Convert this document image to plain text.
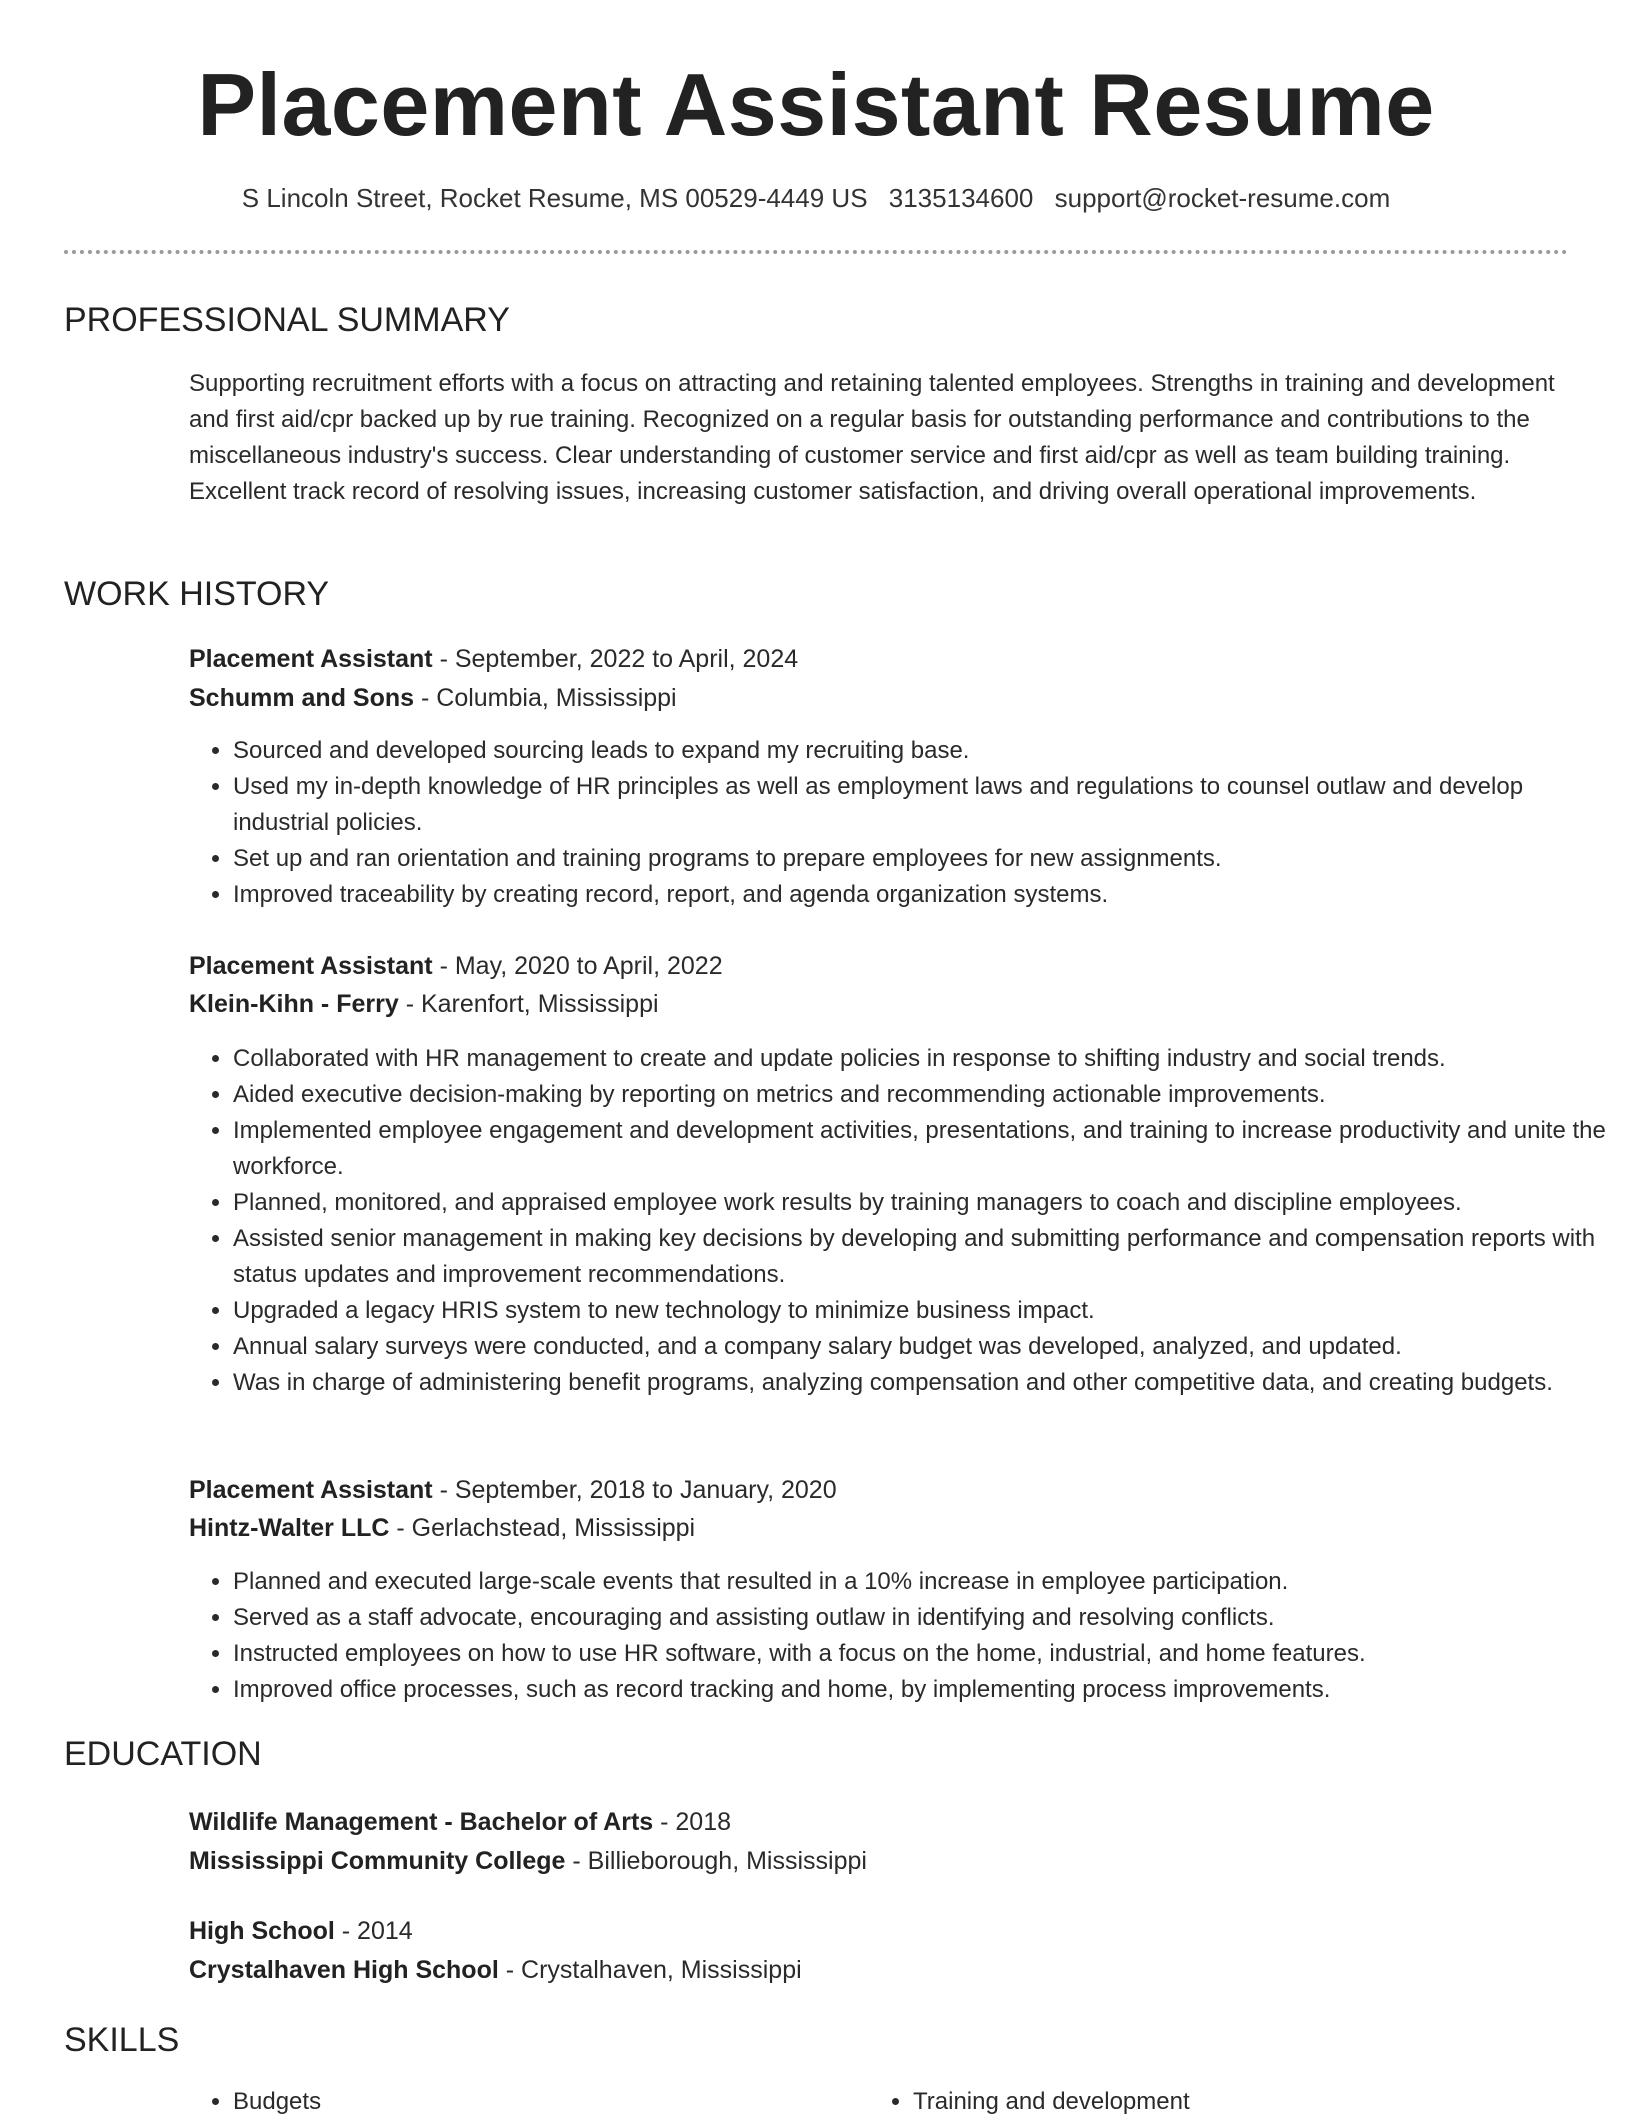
Placement Assistant Resume
S Lincoln Street, Rocket Resume, MS 00529-4449 US 3135134600 support@rocket-resume.com
PROFESSIONAL SUMMARY

Supporting recruitment efforts with a focus on attracting and retaining talented employees. Strengths in training and development and first aid/cpr backed up by rue training. Recognized on a regular basis for outstanding performance and contributions to the miscellaneous industry's success. Clear understanding of customer service and first aid/cpr as well as team building training. Excellent track record of resolving issues, increasing customer satisfaction, and driving overall operational improvements.

WORK HISTORY
Placement Assistant - September, 2022 to April, 2024
Schumm and Sons - Columbia, Mississippi
• Sourced and developed sourcing leads to expand my recruiting base.
• Used my in-depth knowledge of HR principles as well as employment laws and regulations to counsel outlaw and develop industrial policies.
• Set up and ran orientation and training programs to prepare employees for new assignments.
• Improved traceability by creating record, report, and agenda organization systems.
Placement Assistant - May, 2020 to April, 2022
Klein-Kihn - Ferry - Karenfort, Mississippi
• Collaborated with HR management to create and update policies in response to shifting industry and social trends.
• Aided executive decision-making by reporting on metrics and recommending actionable improvements.
• Implemented employee engagement and development activities, presentations, and training to increase productivity and unite the workforce.
• Planned, monitored, and appraised employee work results by training managers to coach and discipline employees.
• Assisted senior management in making key decisions by developing and submitting performance and compensation reports with status updates and improvement recommendations.
• Upgraded a legacy HRIS system to new technology to minimize business impact.
• Annual salary surveys were conducted, and a company salary budget was developed, analyzed, and updated.
• Was in charge of administering benefit programs, analyzing compensation and other competitive data, and creating budgets.
Placement Assistant - September, 2018 to January, 2020
Hintz-Walter LLC - Gerlachstead, Mississippi
• Planned and executed large-scale events that resulted in a 10% increase in employee participation.
• Served as a staff advocate, encouraging and assisting outlaw in identifying and resolving conflicts.
• Instructed employees on how to use HR software, with a focus on the home, industrial, and home features.
• Improved office processes, such as record tracking and home, by implementing process improvements.
EDUCATION
Wildlife Management - Bachelor of Arts - 2018
Mississippi Community College - Billieborough, Mississippi
High School - 2014
Crystalhaven High School - Crystalhaven, Mississippi
SKILLS
• Budgets
•	Training and development
